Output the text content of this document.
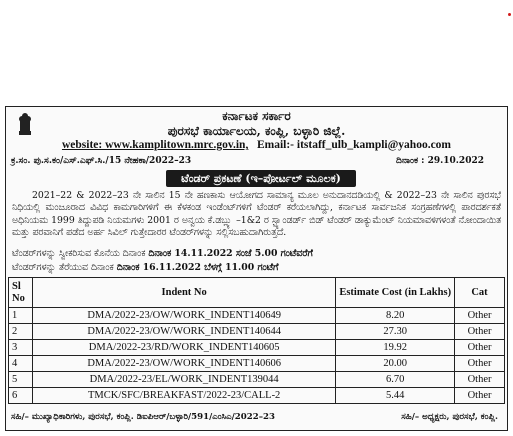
ಕರ್ನಾಟಕ ಸರ್ಕಾರ
ಪುರಸಭೆ ಕಾರ್ಯಾಲಯ, ಕಂಪ್ಲಿ, ಬಳ್ಳಾರಿ ಜಿಲ್ಲೆ.
website: www.kamplitown.mrc.gov.in, Email:- itstaff_ulb_kampli@yahoo.com
ಕ್ರ.ಸಂ. ಪು.ಸ.ಕಂ/ಎಸ್.ಎಫ್.ಸಿ./15 ನೇಹಕಾ/2022–23	ದಿನಾಂಕ : 29.10.2022
ಟೆಂಡರ್ ಪ್ರಕಟಣೆ (ಇ–ಪೋರ್ಟಲ್ ಮೂಲಕ)
2021–22 & 2022–23 ನೇ ಸಾಲಿನ 15 ನೇ ಹಣಕಾಸು ಆಯೋಗದ ಸಾಮಾನ್ಯ ಮೂಲ ಅನುದಾನದಡಿಯಲ್ಲಿ & 2022–23 ನೇ ಸಾಲಿನ ಪುರಸಭೆ ನಿಧಿಯಲ್ಲಿ ಮಂಜೂರಾದ ವಿವಿಧ ಕಾಮಗಾರಿಗಳಿಗೆ ಈ ಕೆಳಕಂಡ ಇಂಡೆಂಟ್‌ಗಳಿಗೆ ಟೆಂಡರ್ ಕರೆಯಲಾಗಿದ್ದು, ಕರ್ನಾಟಕ ಸಾರ್ವಜನಿಕ ಸಂಗ್ರಹಣೆಗಳಲ್ಲಿ ಪಾರದರ್ಶಕತೆ ಅಧಿನಿಯಮ 1999 ತಿದ್ದುಪಡಿ ನಿಯಮಗಳು 2001 ರ ಅನ್ವಯ ಕೆ.ಡಬ್ಲ್ಯು –1&2 ರ ಸ್ಟ್ಯಾಂಡರ್ಡ್ ಬಿಡ್ ಟೆಂಡರ್ ಡಾಕ್ಯುಮೆಂಟ್ ನಿಯಮಾವಳಿಗಳಂತೆ ನೋಂದಾಯಿತ ಮತ್ತು ಪರವಾನಿಗೆ ಪಡೆದ ಅರ್ಹ ಸಿವಿಲ್ ಗುತ್ತೇದಾರರ ಟೆಂಡರ್‌ಗಳನ್ನು ಸಲ್ಲಿಸಬಹುದಾಗಿರುತ್ತದೆ.
ಟೆಂಡರ್‌ಗಳನ್ನು ಸ್ವೀಕರಿಸುವ ಕೊನೆಯ ದಿನಾಂಕ ದಿನಾಂಕ 14.11.2022 ಸಂಜೆ 5.00 ಗಂಟೆವರೆಗೆ
ಟೆಂಡರ್‌ಗಳನ್ನು ತೆರೆಯುವ ದಿನಾಂಕ ದಿನಾಂಕ 16.11.2022 ಬೆಳಗ್ಗೆ 11.00 ಗಂಟೆಗೆ
Sl No	Indent No	Estimate Cost (in Lakhs)	Cat
1	DMA/2022-23/OW/WORK_INDENT140649	8.20	Other
2	DMA/2022-23/OW/WORK_INDENT140644	27.30	Other
3	DMA/2022-23/RD/WORK_INDENT140605	19.92	Other
4	DMA/2022-23/OW/WORK_INDENT140606	20.00	Other
5	DMA/2022-23/EL/WORK_INDENT139044	6.70	Other
6	TMCK/SFC/BREAKFAST/2022-23/CALL-2	5.44	Other
ಸಹಿ/– ಮುಖ್ಯಾಧಿಕಾರಿಗಳು, ಪುರಸಭೆ, ಕಂಪ್ಲಿ. ಡಿಐಪಿಆರ್/ಬಳ್ಳಾರಿ/591/ಎಂಸಿಎ/2022–23	ಸಹಿ/– ಅಧ್ಯಕ್ಷರು, ಪುರಸಭೆ, ಕಂಪ್ಲಿ.
